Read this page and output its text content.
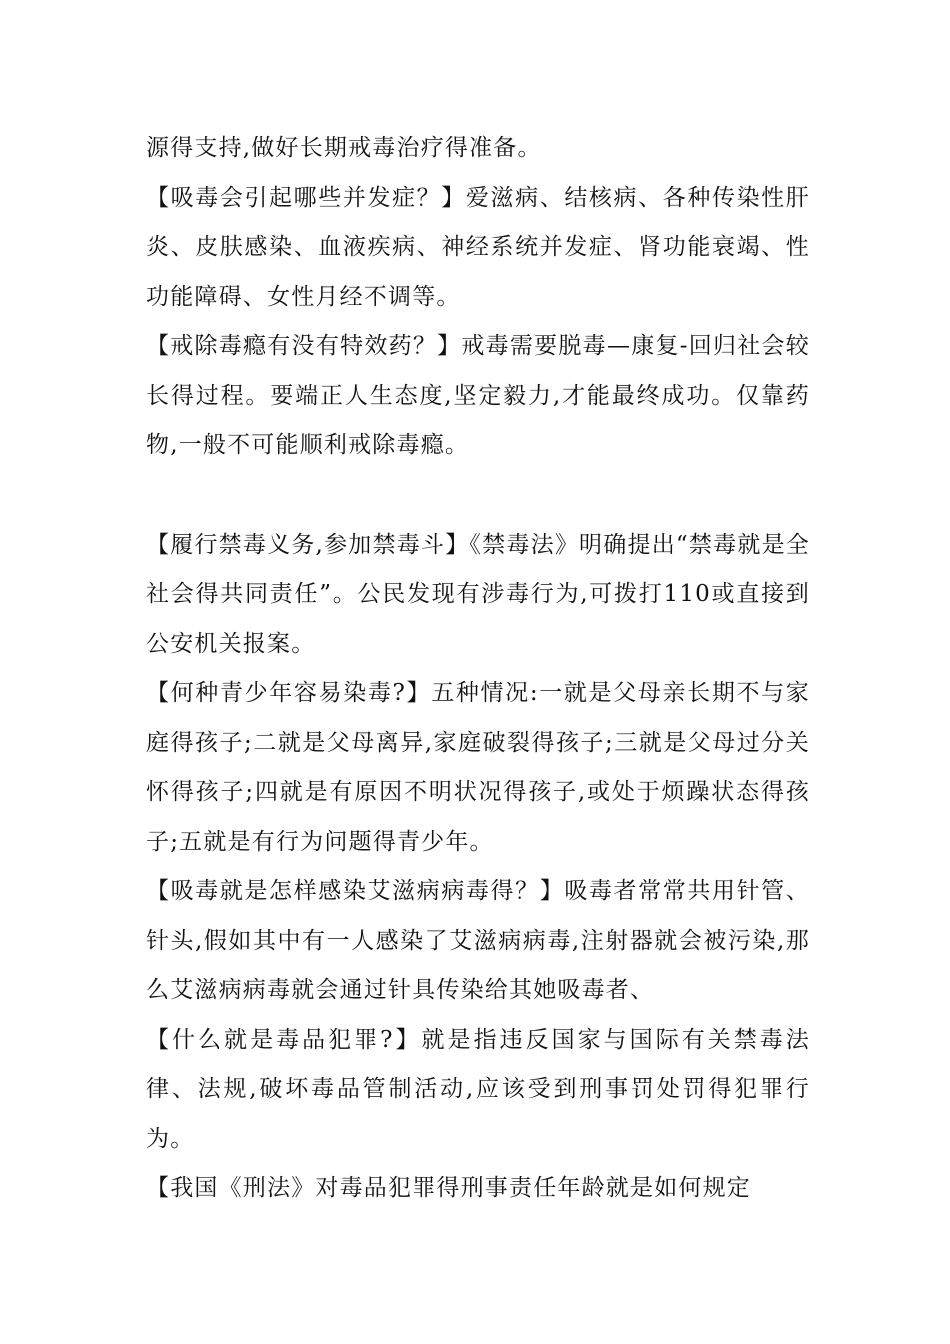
源得支持,做好长期戒毒治疗得准备。

【吸毒会引起哪些并发症？】爱滋病、结核病、各种传染性肝炎、皮肤感染、血液疾病、神经系统并发症、肾功能衰竭、性功能障碍、女性月经不调等。

【戒除毒瘾有没有特效药？】戒毒需要脱毒—康复-回归社会较长得过程。要端正人生态度,坚定毅力,才能最终成功。仅靠药物,一般不可能顺利戒除毒瘾。

【履行禁毒义务,参加禁毒斗】《禁毒法》明确提出“禁毒就是全社会得共同责任”。公民发现有涉毒行为,可拨打110或直接到公安机关报案。

【何种青少年容易染毒?】五种情况:一就是父母亲长期不与家庭得孩子;二就是父母离异,家庭破裂得孩子;三就是父母过分关怀得孩子;四就是有原因不明状况得孩子,或处于烦躁状态得孩子;五就是有行为问题得青少年。

【吸毒就是怎样感染艾滋病病毒得？】吸毒者常常共用针管、针头,假如其中有一人感染了艾滋病病毒,注射器就会被污染,那么艾滋病病毒就会通过针具传染给其她吸毒者、

【什么就是毒品犯罪?】就是指违反国家与国际有关禁毒法律、法规,破坏毒品管制活动,应该受到刑事罚处罚得犯罪行为。

【我国《刑法》对毒品犯罪得刑事责任年龄就是如何规定
